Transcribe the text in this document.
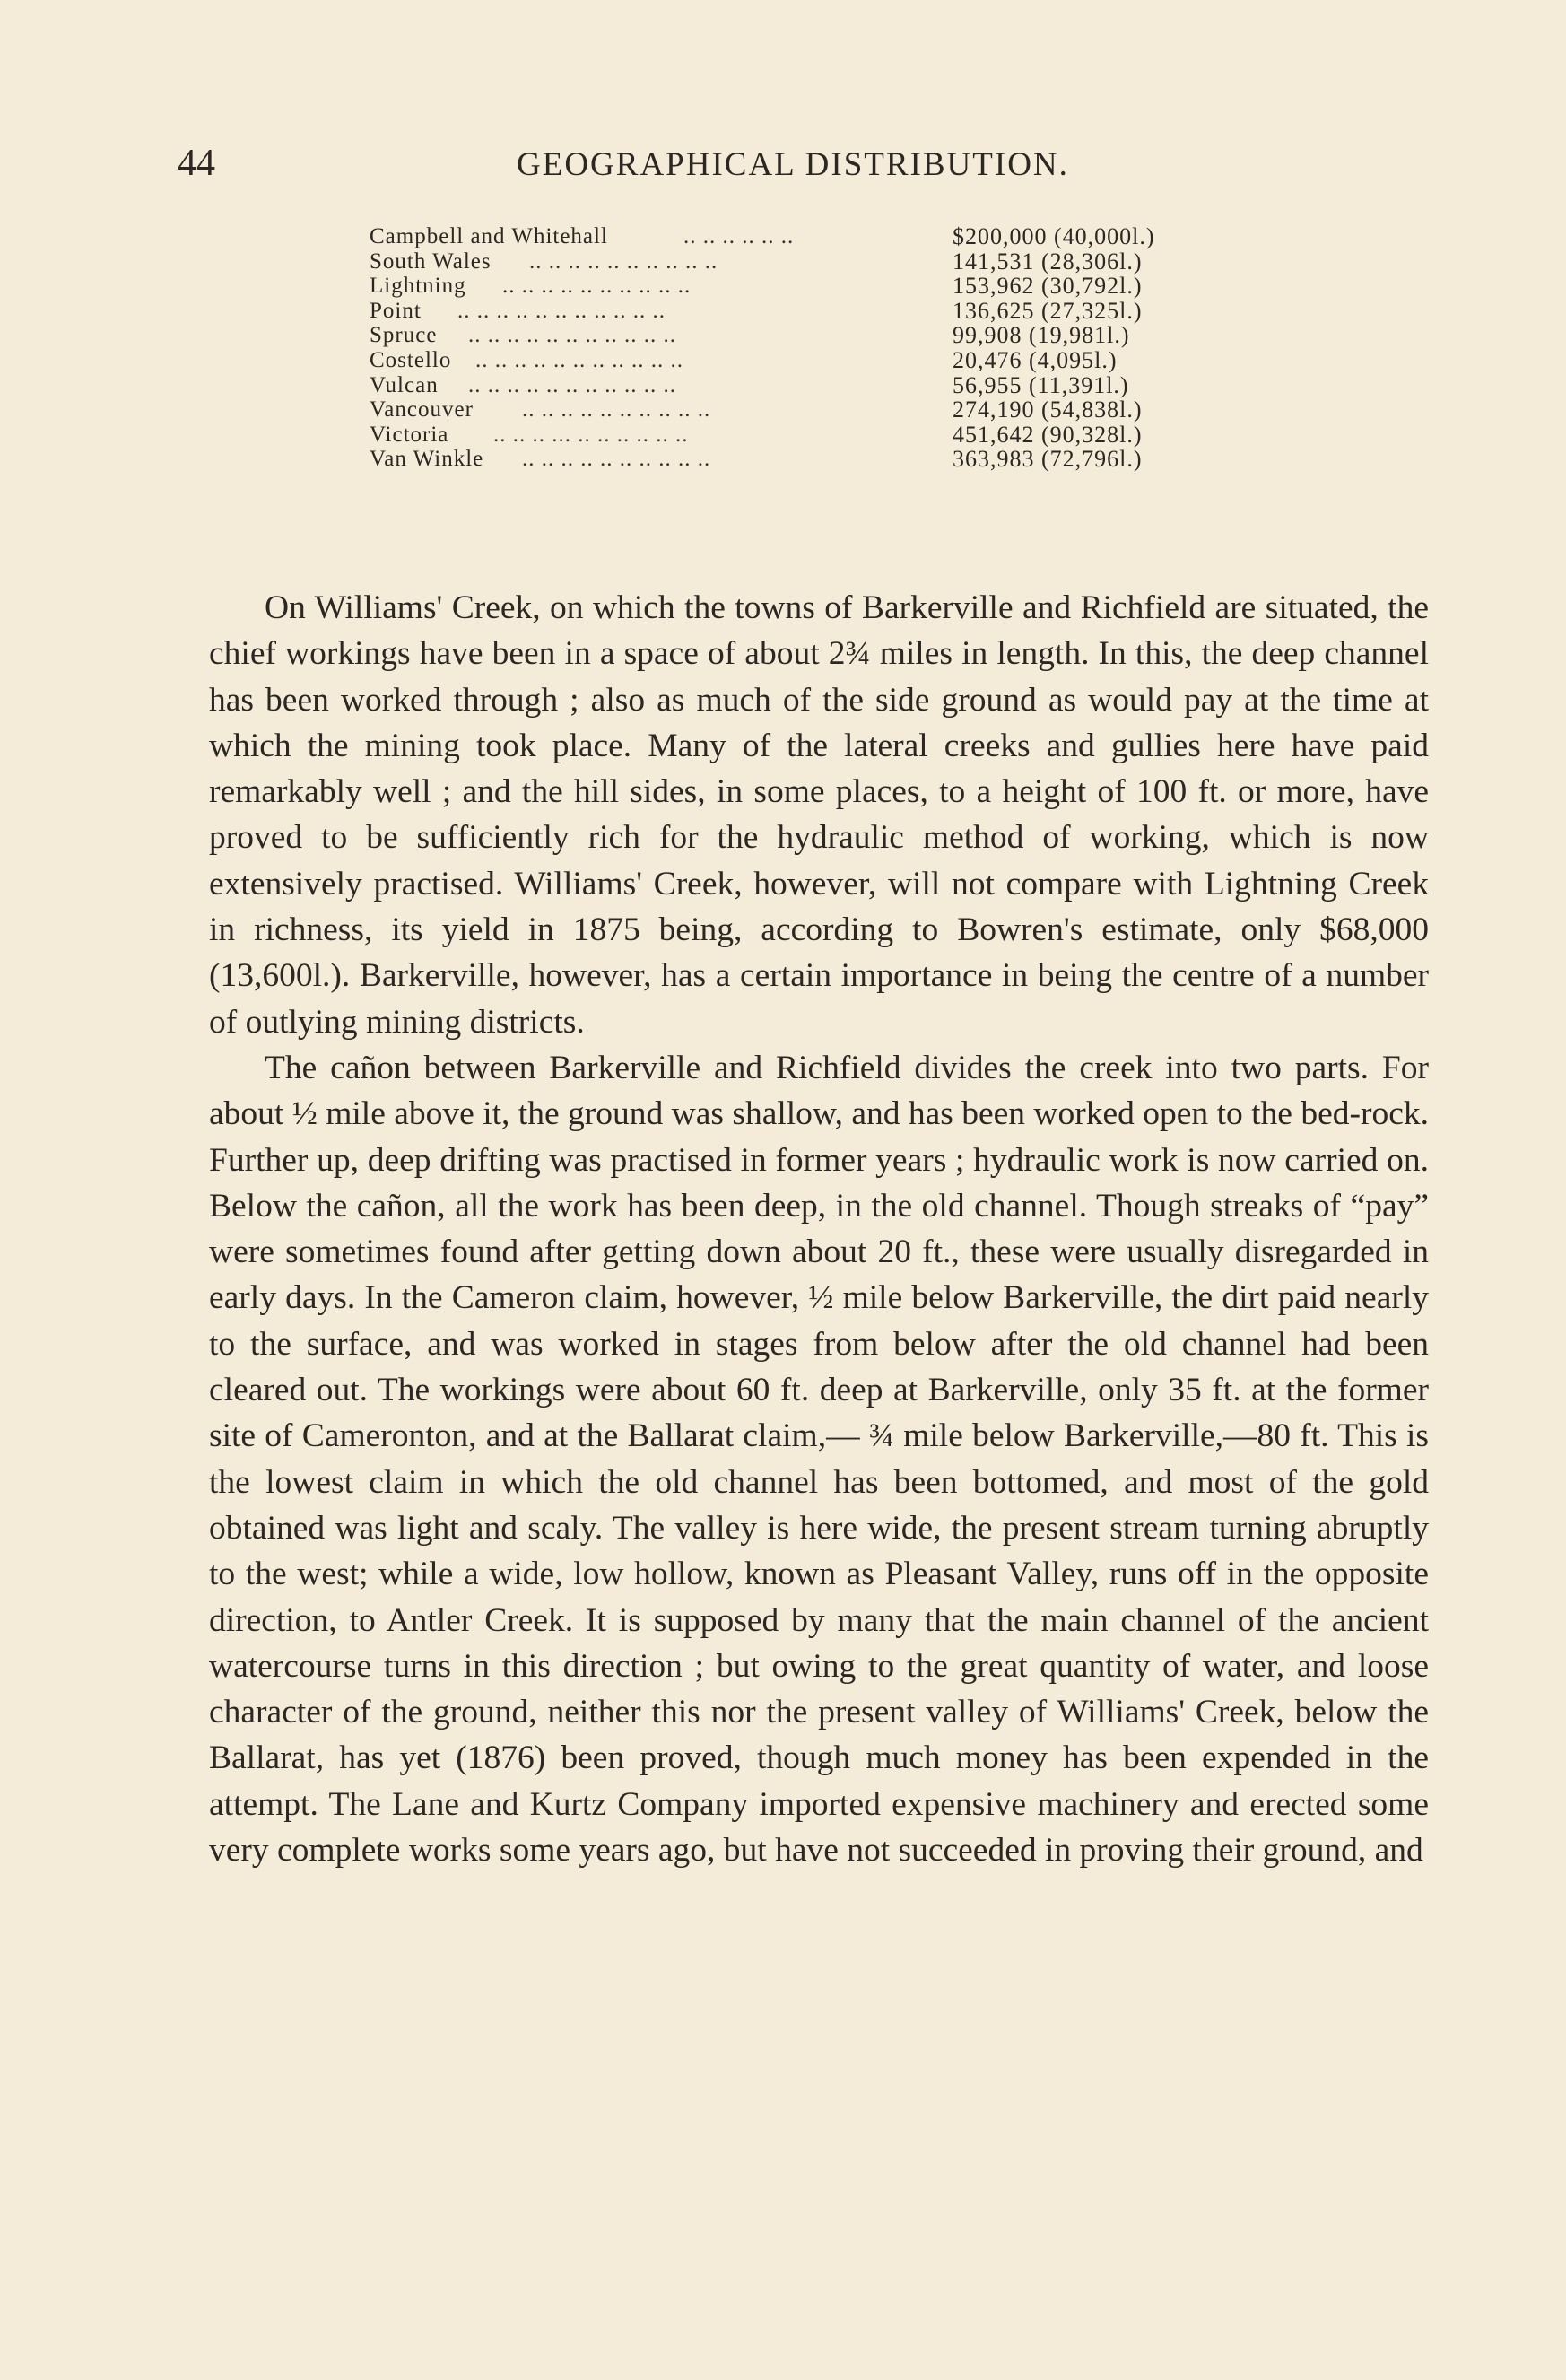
44	GEOGRAPHICAL DISTRIBUTION.
Campbell and Whitehall	.. .. .. .. .. ..	$200,000 (40,000l.)
South Wales .. .. .. .. .. .. .. .. .. ..	141,531 (28,306l.)
Lightning .. .. .. .. .. .. .. .. .. ..	153,962 (30,792l.)
Point .. .. .. .. .. .. .. .. .. .. ..	136,625 (27,325l.)
Spruce .. .. .. .. .. .. .. .. .. .. ..	99,908 (19,981l.)
Costello .. .. .. .. .. .. .. .. .. .. ..	20,476 (4,095l.)
Vulcan .. .. .. .. .. .. .. .. .. .. ..	56,955 (11,391l.)
Vancouver .. .. .. .. .. .. .. .. .. ..	274,190 (54,838l.)
Victoria .. .. .. ... .. .. .. .. .. ..	451,642 (90,328l.)
Van Winkle .. .. .. .. .. .. .. .. .. ..	363,983 (72,796l.)

On Williams' Creek, on which the towns of Barkerville and Richfield are situated, the chief workings have been in a space of about 2¾ miles in length. In this, the deep channel has been worked through ; also as much of the side ground as would pay at the time at which the mining took place. Many of the lateral creeks and gullies here have paid remarkably well ; and the hill sides, in some places, to a height of 100 ft. or more, have proved to be sufficiently rich for the hydraulic method of working, which is now extensively practised. Williams' Creek, however, will not compare with Lightning Creek in richness, its yield in 1875 being, according to Bowren's estimate, only $68,000 (13,600l.). Barkerville, however, has a certain importance in being the centre of a number of outlying mining districts.

The cañon between Barkerville and Richfield divides the creek into two parts. For about ½ mile above it, the ground was shallow, and has been worked open to the bed-rock. Further up, deep drifting was practised in former years ; hydraulic work is now carried on. Below the cañon, all the work has been deep, in the old channel. Though streaks of “pay” were sometimes found after getting down about 20 ft., these were usually disregarded in early days. In the Cameron claim, however, ½ mile below Barkerville, the dirt paid nearly to the surface, and was worked in stages from below after the old channel had been cleared out. The workings were about 60 ft. deep at Barkerville, only 35 ft. at the former site of Cameronton, and at the Ballarat claim,— ¾ mile below Barkerville,—80 ft. This is the lowest claim in which the old channel has been bottomed, and most of the gold obtained was light and scaly. The valley is here wide, the present stream turning abruptly to the west; while a wide, low hollow, known as Pleasant Valley, runs off in the opposite direction, to Antler Creek. It is supposed by many that the main channel of the ancient watercourse turns in this direction ; but owing to the great quantity of water, and loose character of the ground, neither this nor the present valley of Williams' Creek, below the Ballarat, has yet (1876) been proved, though much money has been expended in the attempt. The Lane and Kurtz Company imported expensive machinery and erected some very complete works some years ago, but have not succeeded in proving their ground, and
